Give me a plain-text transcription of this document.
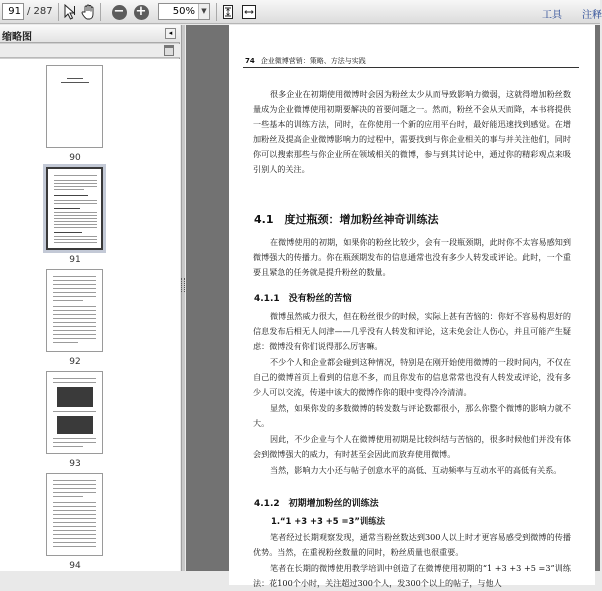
91 / 287	− +	50% ▼	工具 注释
缩略图	◂
90
91
92
93
94
74 企业微博营销：策略、方法与实践
很多企业在初期使用微博时会因为粉丝太少从而导致影响力微弱，这就得增加粉丝数量成为企业微博使用初期要解决的首要问题之一。然而，粉丝不会从天而降，本书将提供一些基本的训练方法，同时，在你使用一个新的应用平台时，最好能迅速找到感觉。在增加粉丝及提高企业微博影响力的过程中，需要找到与你企业相关的事与并关注他们，同时你可以搜索那些与你企业所在领域相关的微博，参与到其讨论中，通过你的精彩观点来吸引别人的关注。
4.1　度过瓶颈：增加粉丝神奇训练法
在微博使用的初期，如果你的粉丝比较少，会有一段瓶颈期，此时你不太容易感知到微博强大的传播力。你在瓶颈期发布的信息通常也没有多少人转发或评论。此时，一个重要且紧急的任务就是提升粉丝的数量。
4.1.1　没有粉丝的苦恼
微博虽然威力很大，但在粉丝很少的时候，实际上甚有苦恼的：你好不容易构思好的信息发布后相无人问津——几乎没有人转发和评论，这未免会让人伤心，并且可能产生疑虑：微博没有你们说得那么厉害嘛。
不少个人和企业都会碰到这种情况，特别是在刚开始使用微博的一段时间内，不仅在自己的微博首页上看到的信息不多，而且你发布的信息常常也没有人转发或评论，没有多少人可以交流，传递中该大的微博作你的眼中变得冷冷清清。
显然，如果你发的多数微博的转发数与评论数都很小，那么你整个微博的影响力就不大。
因此，不少企业与个人在微博使用初期是比较纠结与苦恼的，很多时候他们并没有体会到微博强大的威力，有时甚至会因此而放弃使用微博。
当然，影响力大小还与帖子创意水平的高低、互动频率与互动水平的高低有关系。
4.1.2　初期增加粉丝的训练法
1.“1 +3 +3 +5 =3”训练法
笔者经过长期观察发现，通常当粉丝数达到300人以上时才更容易感受到微博的传播优势。当然，在重视粉丝数量的同时，粉丝质量也很重要。
笔者在长期的微博使用教学培训中创造了在微博使用初期的“1 +3 +3 +5 =3”训练法：花100个小时，关注超过300个人，发300个以上的帖子，与他人
